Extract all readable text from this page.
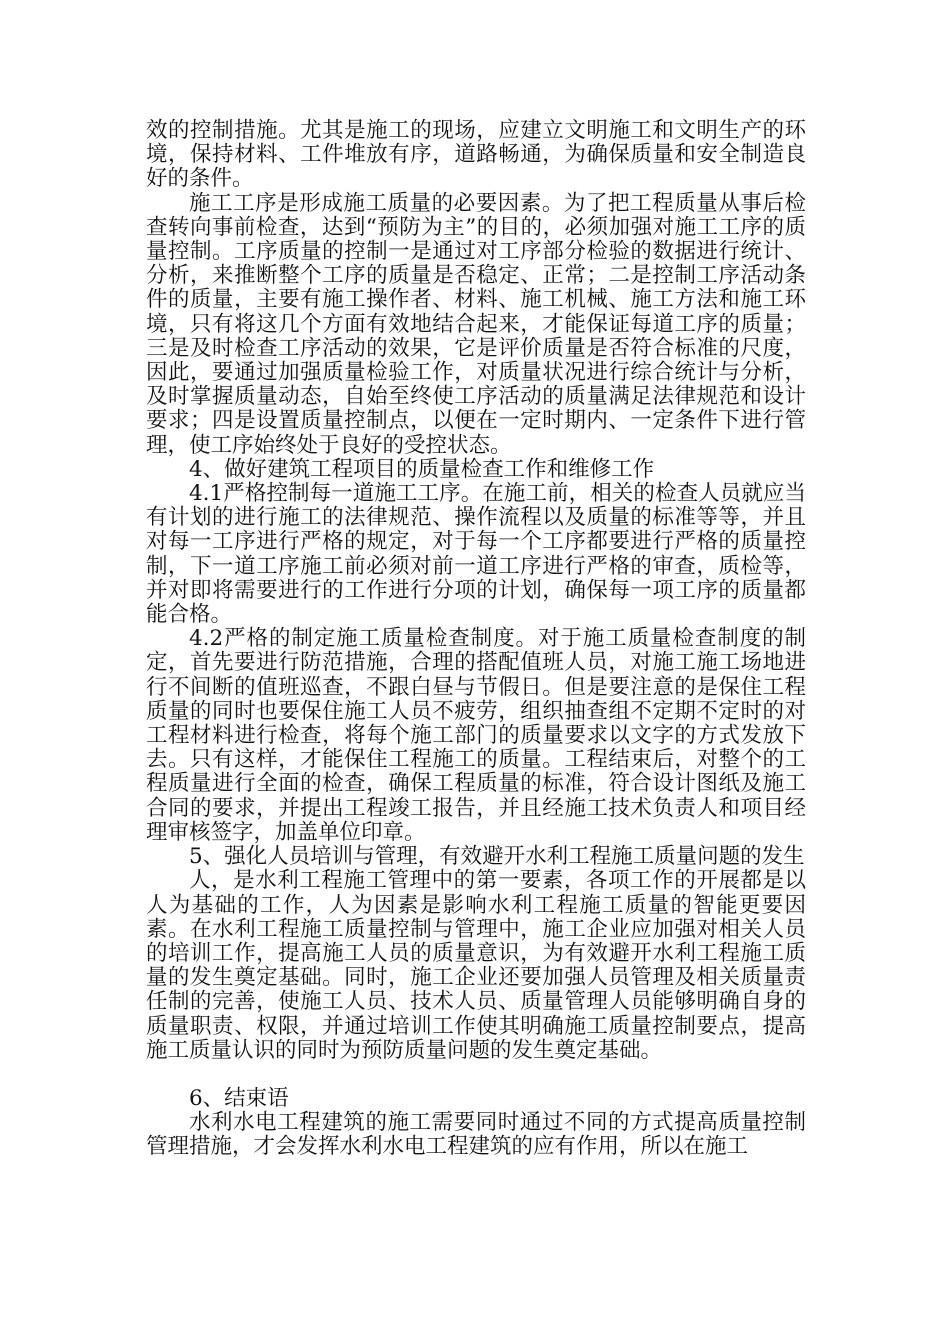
效的控制措施。尤其是施工的现场，应建立文明施工和文明生产的环境，保持材料、工件堆放有序，道路畅通，为确保质量和安全制造良好的条件。

施工工序是形成施工质量的必要因素。为了把工程质量从事后检查转向事前检查，达到“预防为主”的目的，必须加强对施工工序的质量控制。工序质量的控制一是通过对工序部分检验的数据进行统计、分析，来推断整个工序的质量是否稳定、正常；二是控制工序活动条件的质量，主要有施工操作者、材料、施工机械、施工方法和施工环境，只有将这几个方面有效地结合起来，才能保证每道工序的质量；三是及时检查工序活动的效果，它是评价质量是否符合标准的尺度，因此，要通过加强质量检验工作，对质量状况进行综合统计与分析，及时掌握质量动态，自始至终使工序活动的质量满足法律规范和设计要求；四是设置质量控制点，以便在一定时期内、一定条件下进行管理，使工序始终处于良好的受控状态。

4、做好建筑工程项目的质量检查工作和维修工作

4.1严格控制每一道施工工序。在施工前，相关的检查人员就应当有计划的进行施工的法律规范、操作流程以及质量的标准等等，并且对每一工序进行严格的规定，对于每一个工序都要进行严格的质量控制，下一道工序施工前必须对前一道工序进行严格的审查，质检等，并对即将需要进行的工作进行分项的计划，确保每一项工序的质量都能合格。

4.2严格的制定施工质量检查制度。对于施工质量检查制度的制定，首先要进行防范措施，合理的搭配值班人员，对施工施工场地进行不间断的值班巡查，不跟白昼与节假日。但是要注意的是保住工程质量的同时也要保住施工人员不疲劳，组织抽查组不定期不定时的对工程材料进行检查，将每个施工部门的质量要求以文字的方式发放下去。只有这样，才能保住工程施工的质量。工程结束后，对整个的工程质量进行全面的检查，确保工程质量的标准，符合设计图纸及施工合同的要求，并提出工程竣工报告，并且经施工技术负责人和项目经理审核签字，加盖单位印章。

5、强化人员培训与管理，有效避开水利工程施工质量问题的发生

人，是水利工程施工管理中的第一要素，各项工作的开展都是以人为基础的工作，人为因素是影响水利工程施工质量的智能更要因素。在水利工程施工质量控制与管理中，施工企业应加强对相关人员的培训工作，提高施工人员的质量意识，为有效避开水利工程施工质量的发生奠定基础。同时，施工企业还要加强人员管理及相关质量责任制的完善，使施工人员、技术人员、质量管理人员能够明确自身的质量职责、权限，并通过培训工作使其明确施工质量控制要点，提高施工质量认识的同时为预防质量问题的发生奠定基础。

6、结束语

水利水电工程建筑的施工需要同时通过不同的方式提高质量控制管理措施，才会发挥水利水电工程建筑的应有作用，所以在施工
